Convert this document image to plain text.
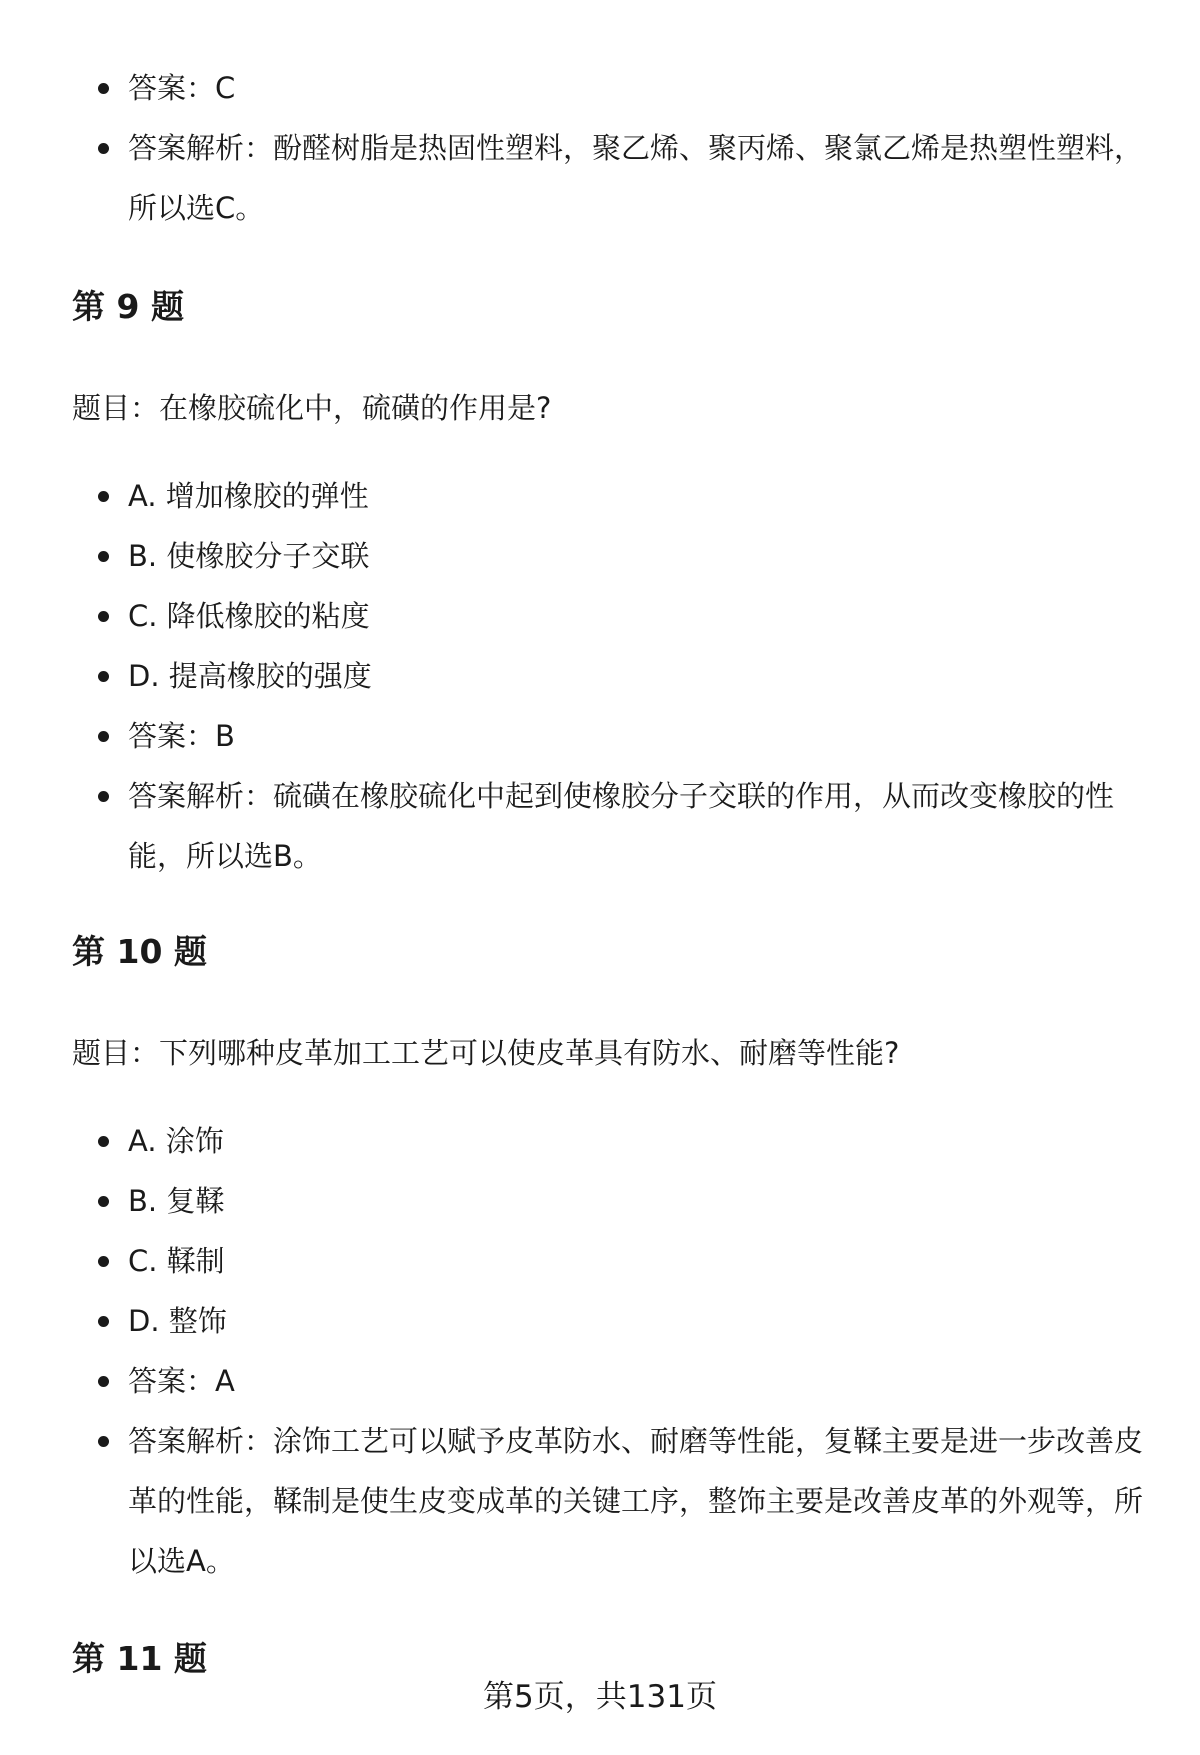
答案：C
答案解析：酚醛树脂是热固性塑料，聚乙烯、聚丙烯、聚氯乙烯是热塑性塑料，所以选C。
第 9 题

题目：在橡胶硫化中，硫磺的作用是?

A. 增加橡胶的弹性
B. 使橡胶分子交联
C. 降低橡胶的粘度
D. 提高橡胶的强度
答案：B
答案解析：硫磺在橡胶硫化中起到使橡胶分子交联的作用，从而改变橡胶的性能，所以选B。
第 10 题

题目：下列哪种皮革加工工艺可以使皮革具有防水、耐磨等性能?

A. 涂饰
B. 复鞣
C. 鞣制
D. 整饰
答案：A
答案解析：涂饰工艺可以赋予皮革防水、耐磨等性能，复鞣主要是进一步改善皮革的性能，鞣制是使生皮变成革的关键工序，整饰主要是改善皮革的外观等，所以选A。
第 11 题
第5页，共131页
